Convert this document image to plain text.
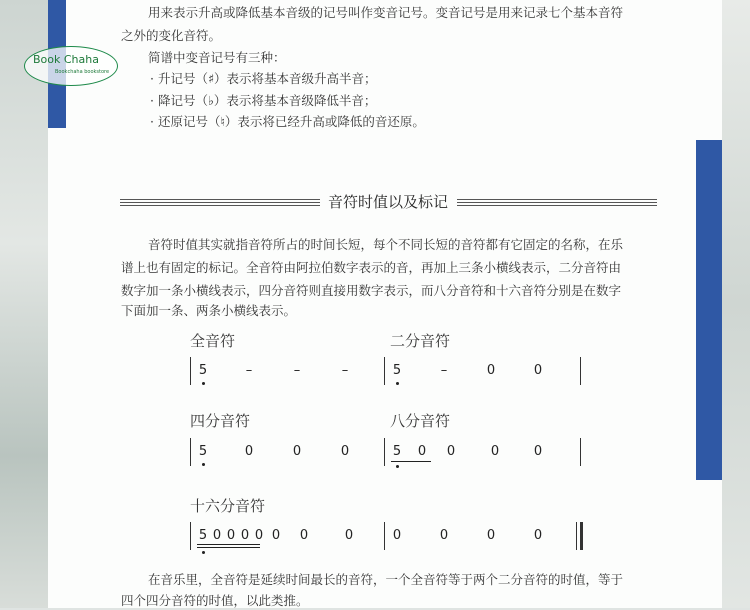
Book Chaha
Bookchaha bookstore
用来表示升高或降低基本音级的记号叫作变音记号。变音记号是用来记录七个基本音符
之外的变化音符。
简谱中变音记号有三种：
· 升记号（♯）表示将基本音级升高半音；
· 降记号（♭）表示将基本音级降低半音；
· 还原记号（♮）表示将已经升高或降低的音还原。
音符时值以及标记
音符时值其实就指音符所占的时间长短，每个不同长短的音符都有它固定的名称，在乐
谱上也有固定的标记。全音符由阿拉伯数字表示的音，再加上三条小横线表示，二分音符由
数字加一条小横线表示，四分音符则直接用数字表示，而八分音符和十六音符分别是在数字
下面加一条、两条小横线表示。
全音符	二分音符
5	–	–	–	5	–	0	0
四分音符	八分音符
5	0	0	0	5 0 0	0	0
十六分音符
5 0 0 0 0 0 0	0	0	0	0	0
在音乐里，全音符是延续时间最长的音符，一个全音符等于两个二分音符的时值，等于
四个四分音符的时值，以此类推。
